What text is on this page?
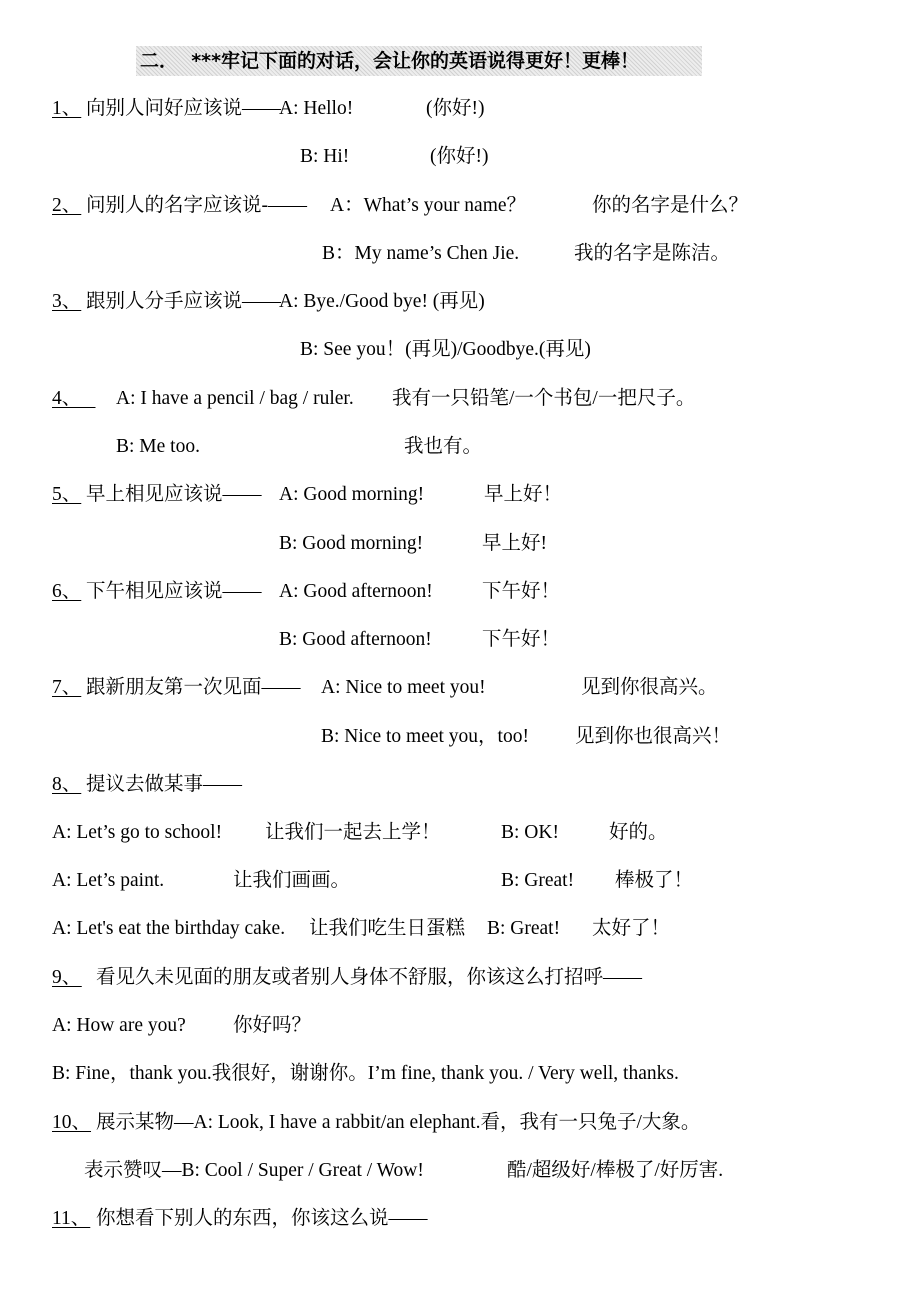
二．  ***牢记下面的对话，会让你的英语说得更好！更棒！
1、 向别人问好应该说——
A: Hello!	(你好!)
B: Hi!	(你好!)
2、 问别人的名字应该说-—— A：What’s your name？	你的名字是什么？
B：My name’s Chen Jie.	我的名字是陈洁。
3、 跟别人分手应该说——
A: Bye./Good bye! (再见)
B: See you！(再见)/Goodbye.(再见)
4、
A: I have a pencil / bag / ruler. 我有一只铅笔/一个书包/一把尺子。
B: Me too.	我也有。
5、 早上相见应该说—— A: Good morning!	早上好！
B: Good morning!	早上好!
6、 下午相见应该说—— A: Good afternoon!	下午好！
B: Good afternoon!	下午好！
7、 跟新朋友第一次见面—— A: Nice to meet you!	见到你很高兴。
B: Nice to meet you，too! 见到你也很高兴！
8、 提议去做某事——
A: Let’s go to school! 让我们一起去上学！	B: OK!	好的。
A: Let’s paint.	让我们画画。	B: Great! 棒极了！
A: Let's eat the birthday cake. 让我们吃生日蛋糕 B: Great! 太好了！
9、
看见久未见面的朋友或者别人身体不舒服，你该这么打招呼——
A: How are you? 你好吗？
B: Fine，thank you.我很好，谢谢你。I’m fine, thank you. / Very well, thanks.
10、 展示某物—A: Look, I have a rabbit/an elephant.看，我有一只兔子/大象。
表示赞叹—B: Cool / Super / Great / Wow!	酷/超级好/棒极了/好厉害.
11、 你想看下别人的东西，你该这么说——
